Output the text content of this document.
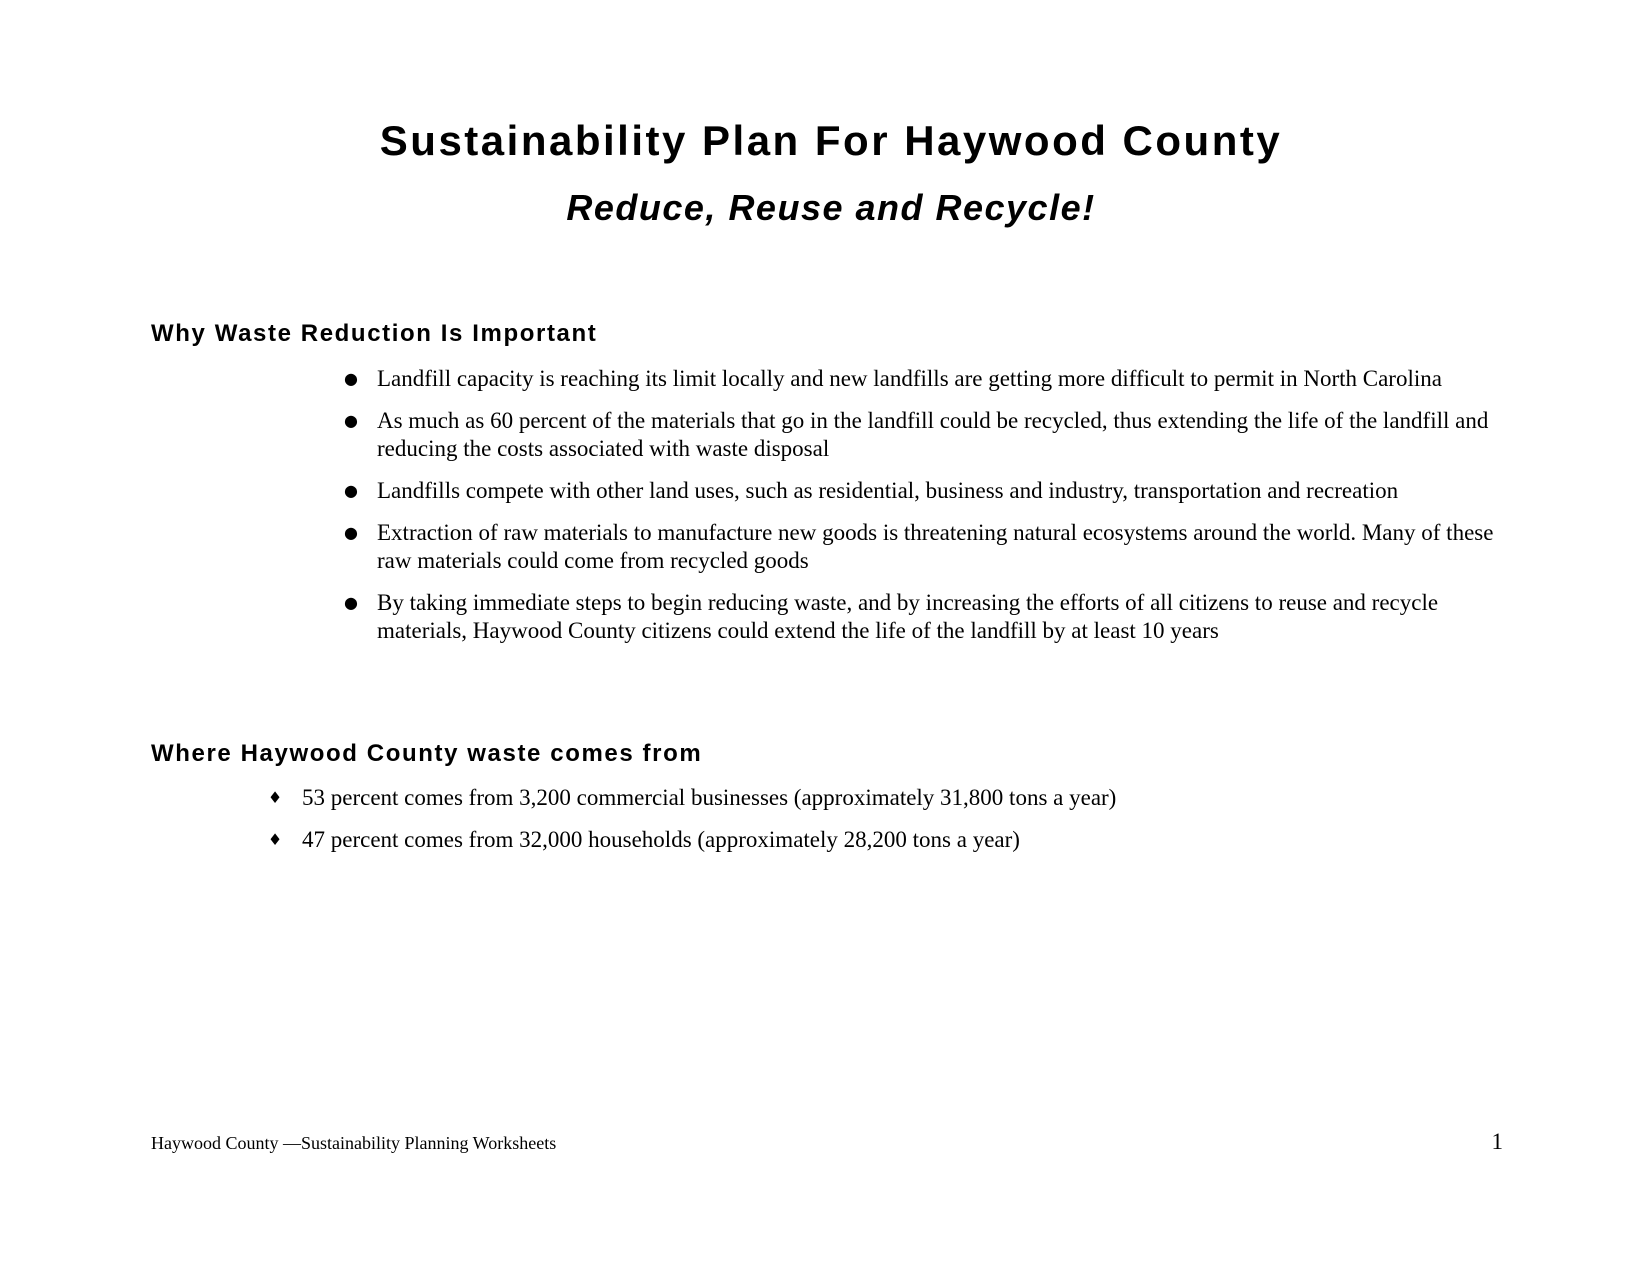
Sustainability Plan For Haywood County
Reduce, Reuse and Recycle!
Why Waste Reduction Is Important
● Landfill capacity is reaching its limit locally and new landfills are getting more difficult to permit in North Carolina
● As much as 60 percent of the materials that go in the landfill could be recycled, thus extending the life of the landfill and reducing the costs associated with waste disposal
● Landfills compete with other land uses, such as residential, business and industry, transportation and recreation
● Extraction of raw materials to manufacture new goods is threatening natural ecosystems around the world. Many of these raw materials could come from recycled goods
● By taking immediate steps to begin reducing waste, and by increasing the efforts of all citizens to reuse and recycle materials, Haywood County citizens could extend the life of the landfill by at least 10 years
Where Haywood County waste comes from
♦ 53 percent comes from 3,200 commercial businesses (approximately 31,800 tons a year)
♦ 47 percent comes from 32,000 households (approximately 28,200 tons a year)
Haywood County —Sustainability Planning Worksheets	1
